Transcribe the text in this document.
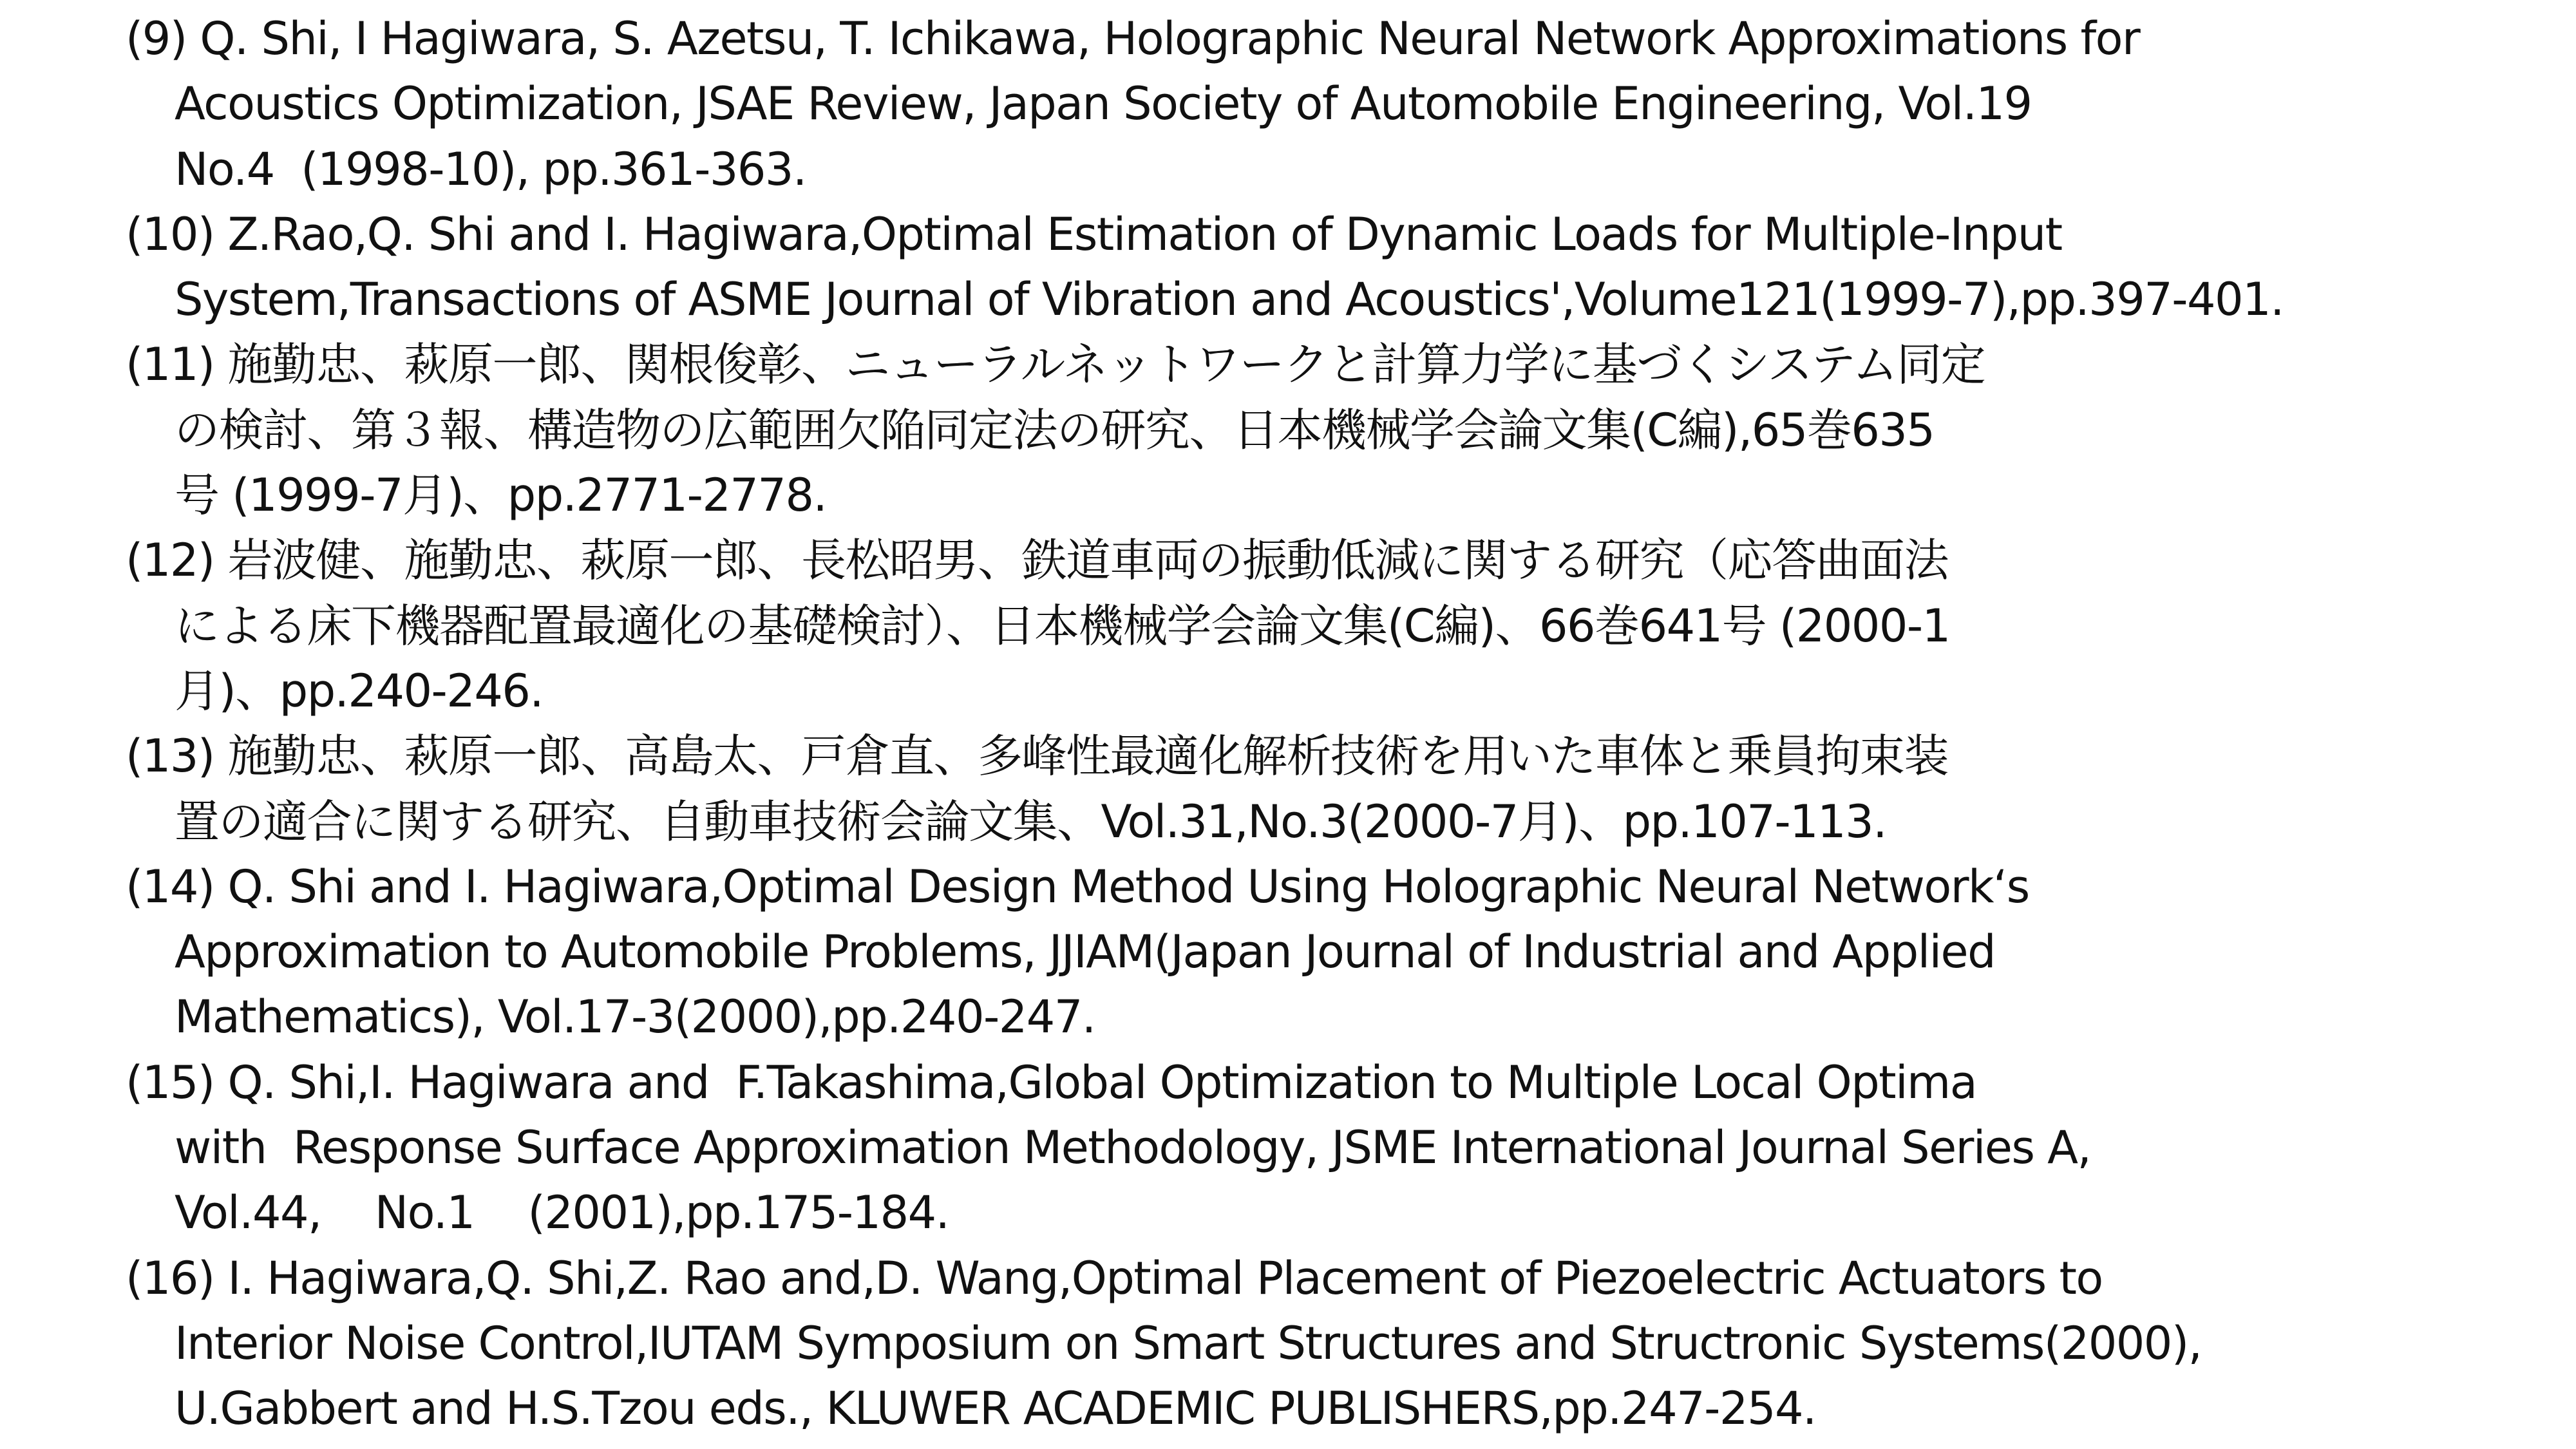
(9) Q. Shi, I Hagiwara, S. Azetsu, T. Ichikawa, Holographic Neural Network Approximations for
Acoustics Optimization, JSAE Review, Japan Society of Automobile Engineering, Vol.19
No.4  (1998-10), pp.361-363.
(10) Z.Rao,Q. Shi and I. Hagiwara,Optimal Estimation of Dynamic Loads for Multiple-Input
System,Transactions of ASME Journal of Vibration and Acoustics',Volume121(1999-7),pp.397-401.
(11) 施勤忠、萩原一郎、関根俊彰、ニューラルネットワークと計算力学に基づくシステム同定
の検討、第３報、構造物の広範囲欠陥同定法の研究、日本機械学会論文集(C編),65巻635
号 (1999-7月)、pp.2771-2778.
(12) 岩波健、施勤忠、萩原一郎、長松昭男、鉄道車両の振動低減に関する研究（応答曲面法
による床下機器配置最適化の基礎検討）、日本機械学会論文集(C編)、66巻641号 (2000-1
月)、pp.240-246.
(13) 施勤忠、萩原一郎、高島太、戸倉直、多峰性最適化解析技術を用いた車体と乗員拘束装
置の適合に関する研究、自動車技術会論文集、Vol.31,No.3(2000-7月)、pp.107-113.
(14) Q. Shi and I. Hagiwara,Optimal Design Method Using Holographic Neural Network‘s
Approximation to Automobile Problems, JJIAM(Japan Journal of Industrial and Applied
Mathematics), Vol.17-3(2000),pp.240-247.
(15) Q. Shi,I. Hagiwara and  F.Takashima,Global Optimization to Multiple Local Optima
with  Response Surface Approximation Methodology, JSME International Journal Series A,
Vol.44,    No.1    (2001),pp.175-184.
(16) I. Hagiwara,Q. Shi,Z. Rao and,D. Wang,Optimal Placement of Piezoelectric Actuators to
Interior Noise Control,IUTAM Symposium on Smart Structures and Structronic Systems(2000),
U.Gabbert and H.S.Tzou eds., KLUWER ACADEMIC PUBLISHERS,pp.247-254.
